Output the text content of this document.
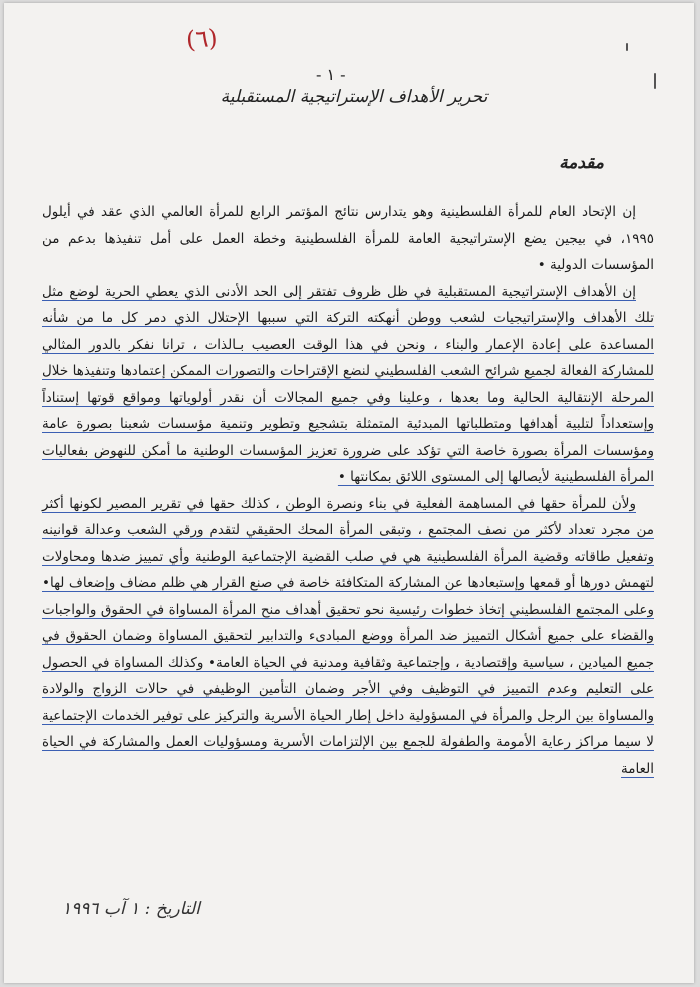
(٦)
- ١ -
تحرير الأهداف الإستراتيجية المستقبلية
مقدمة

إن الإتحاد العام للمرأة الفلسطينية وهو يتدارس نتائج المؤتمر الرابع للمرأة العالمي الذي عقد في أيلول ١٩٩٥، في بيجين يضع الإستراتيجية العامة للمرأة الفلسطينية وخطة العمل على أمل تنفيذها بدعم من المؤسسات الدولية •

إن الأهداف الإستراتيجية المستقبلية في ظل ظروف تفتقر إلى الحد الأدنى الذي يعطي الحرية لوضع مثل تلك الأهداف والإستراتيجيات لشعب ووطن أنهكته التركة التي سببها الإحتلال الذي دمر كل ما من شأنه المساعدة على إعادة الإعمار والبناء ، ونحن في هذا الوقت العصيب بـالذات ، ترانا نفكر بالدور المثالي للمشاركة الفعالة لجميع شرائح الشعب الفلسطيني لنضع الإقتراحات والتصورات الممكن إعتمادها وتنفيذها خلال المرحلة الإنتقالية الحالية وما بعدها ، وعلينا وفي جميع المجالات أن نقدر أولوياتها ومواقع قوتها إستناداً وإستعداداً لتلبية أهدافها ومتطلباتها المبدئية المتمثلة بتشجيع وتطوير وتنمية مؤسسات شعبنا بصورة عامة ومؤسسات المرأة بصورة خاصة التي تؤكد على ضرورة تعزيز المؤسسات الوطنية ما أمكن للنهوض بفعاليات المرأة الفلسطينية لأيصالها إلى المستوى اللائق بمكانتها •

ولأن للمرأة حقها في المساهمة الفعلية في بناء ونصرة الوطن ، كذلك حقها في تقرير المصير لكونها أكثر من مجرد تعداد لأكثر من نصف المجتمع ، وتبقى المرأة المحك الحقيقي لتقدم ورقي الشعب وعدالة قوانينه وتفعيل طاقاته وقضية المرأة الفلسطينية هي في صلب القضية الإجتماعية الوطنية وأي تمييز ضدها ومحاولات لتهمش دورها أو قمعها وإستبعادها عن المشاركة المتكافئة خاصة في صنع القرار هي ظلم مضاف وإضعاف لها• وعلى المجتمع الفلسطيني إتخاذ خطوات رئيسية نحو تحقيق أهداف منح المرأة المساواة في الحقوق والواجبات والقضاء على جميع أشكال التمييز ضد المرأة ووضع المبادىء والتدابير لتحقيق المساواة وضمان الحقوق في جميع الميادين ، سياسية وإقتصادية ، وإجتماعية وثقافية ومدنية في الحياة العامة• وكذلك المساواة في الحصول على التعليم وعدم التمييز في التوظيف وفي الأجر وضمان التأمين الوظيفي في حالات الزواج والولادة والمساواة بين الرجل والمرأة في المسؤولية داخل إطار الحياة الأسرية والتركيز على توفير الخدمات الإجتماعية لا سيما مراكز رعاية الأمومة والطفولة للجمع بين الإلتزامات الأسرية ومسؤوليات العمل والمشاركة في الحياة العامة

التاريخ : ١ آب ١٩٩٦
